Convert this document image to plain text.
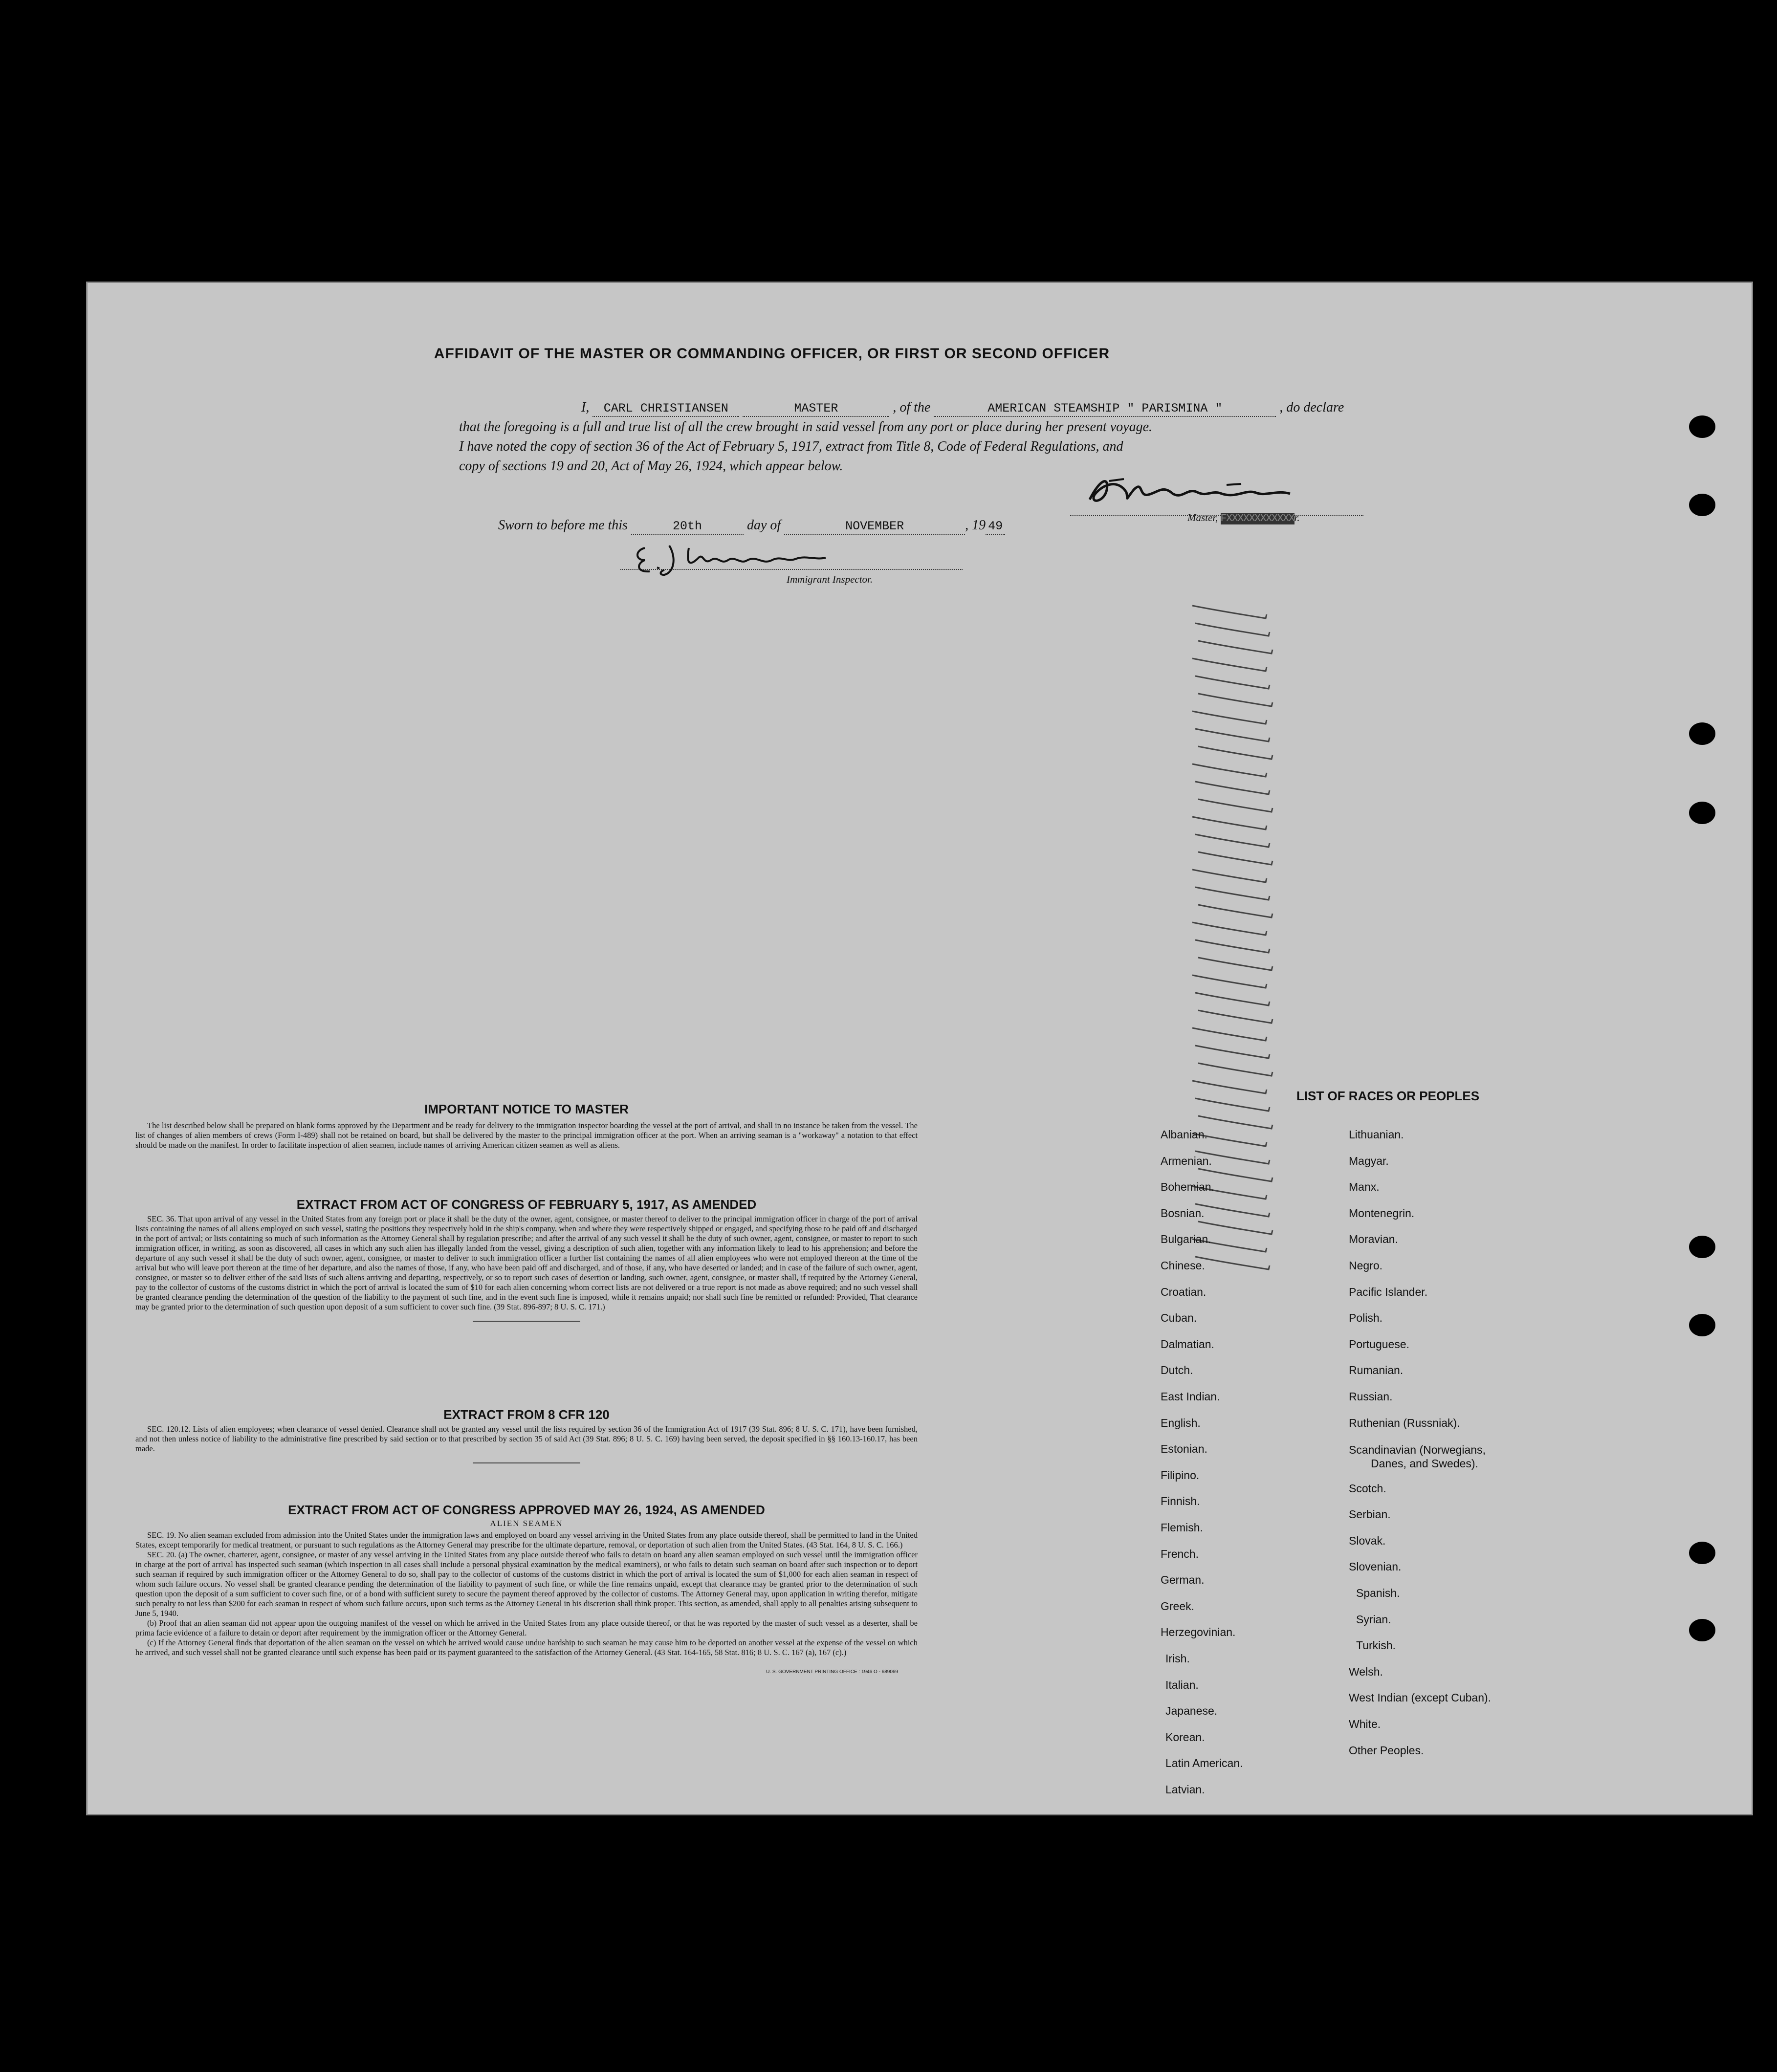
AFFIDAVIT OF THE MASTER OR COMMANDING OFFICER, OR FIRST OR SECOND OFFICER
I, CARL CHRISTIANSEN	MASTER	, of the	AMERICAN STEAMSHIP " PARISMINA "	, do declare
that the foregoing is a full and true list of all the crew brought in said vessel from any port or place during her present voyage.
I have noted the copy of section 36 of the Act of February 5, 1917, extract from Title 8, Code of Federal Regulations, and
copy of sections 19 and 20, Act of May 26, 1924, which appear below.
Master, FXXXXXXXXXXXXr.
Sworn to before me this	20th	day of	NOVEMBER	, 19 49
Immigrant Inspector.
IMPORTANT NOTICE TO MASTER

The list described below shall be prepared on blank forms approved by the Department and be ready for delivery to the immigration inspector boarding the vessel at the port of arrival, and shall in no instance be taken from the vessel. The list of changes of alien members of crews (Form I-489) shall not be retained on board, but shall be delivered by the master to the principal immigration officer at the port. When an arriving seaman is a "workaway" a notation to that effect should be made on the manifest. In order to facilitate inspection of alien seamen, include names of arriving American citizen seamen as well as aliens.

EXTRACT FROM ACT OF CONGRESS OF FEBRUARY 5, 1917, AS AMENDED

SEC. 36. That upon arrival of any vessel in the United States from any foreign port or place it shall be the duty of the owner, agent, consignee, or master thereof to deliver to the principal immigration officer in charge of the port of arrival lists containing the names of all aliens employed on such vessel, stating the positions they respectively hold in the ship's company, when and where they were respectively shipped or engaged, and specifying those to be paid off and discharged in the port of arrival; or lists containing so much of such information as the Attorney General shall by regulation prescribe; and after the arrival of any such vessel it shall be the duty of such owner, agent, consignee, or master to report to such immigration officer, in writing, as soon as discovered, all cases in which any such alien has illegally landed from the vessel, giving a description of such alien, together with any information likely to lead to his apprehension; and before the departure of any such vessel it shall be the duty of such owner, agent, consignee, or master to deliver to such immigration officer a further list containing the names of all alien employees who were not employed thereon at the time of the arrival but who will leave port thereon at the time of her departure, and also the names of those, if any, who have been paid off and discharged, and of those, if any, who have deserted or landed; and in case of the failure of such owner, agent, consignee, or master so to deliver either of the said lists of such aliens arriving and departing, respectively, or so to report such cases of desertion or landing, such owner, agent, consignee, or master shall, if required by the Attorney General, pay to the collector of customs of the customs district in which the port of arrival is located the sum of $10 for each alien concerning whom correct lists are not delivered or a true report is not made as above required; and no such vessel shall be granted clearance pending the determination of the question of the liability to the payment of such fine, and in the event such fine is imposed, while it remains unpaid; nor shall such fine be remitted or refunded: Provided, That clearance may be granted prior to the determination of such question upon deposit of a sum sufficient to cover such fine. (39 Stat. 896-897; 8 U. S. C. 171.)

EXTRACT FROM 8 CFR 120

SEC. 120.12. Lists of alien employees; when clearance of vessel denied. Clearance shall not be granted any vessel until the lists required by section 36 of the Immigration Act of 1917 (39 Stat. 896; 8 U. S. C. 171), have been furnished, and not then unless notice of liability to the administrative fine prescribed by said section or to that prescribed by section 35 of said Act (39 Stat. 896; 8 U. S. C. 169) having been served, the deposit specified in §§ 160.13-160.17, has been made.

EXTRACT FROM ACT OF CONGRESS APPROVED MAY 26, 1924, AS AMENDED
ALIEN SEAMEN

SEC. 19. No alien seaman excluded from admission into the United States under the immigration laws and employed on board any vessel arriving in the United States from any place outside thereof, shall be permitted to land in the United States, except temporarily for medical treatment, or pursuant to such regulations as the Attorney General may prescribe for the ultimate departure, removal, or deportation of such alien from the United States. (43 Stat. 164, 8 U. S. C. 166.)

SEC. 20. (a) The owner, charterer, agent, consignee, or master of any vessel arriving in the United States from any place outside thereof who fails to detain on board any alien seaman employed on such vessel until the immigration officer in charge at the port of arrival has inspected such seaman (which inspection in all cases shall include a personal physical examination by the medical examiners), or who fails to detain such seaman on board after such inspection or to deport such seaman if required by such immigration officer or the Attorney General to do so, shall pay to the collector of customs of the customs district in which the port of arrival is located the sum of $1,000 for each alien seaman in respect of whom such failure occurs. No vessel shall be granted clearance pending the determination of the liability to payment of such fine, or while the fine remains unpaid, except that clearance may be granted prior to the determination of such question upon the deposit of a sum sufficient to cover such fine, or of a bond with sufficient surety to secure the payment thereof approved by the collector of customs. The Attorney General may, upon application in writing therefor, mitigate such penalty to not less than $200 for each seaman in respect of whom such failure occurs, upon such terms as the Attorney General in his discretion shall think proper. This section, as amended, shall apply to all penalties arising subsequent to June 5, 1940.

(b) Proof that an alien seaman did not appear upon the outgoing manifest of the vessel on which he arrived in the United States from any place outside thereof, or that he was reported by the master of such vessel as a deserter, shall be prima facie evidence of a failure to detain or deport after requirement by the immigration officer or the Attorney General.

(c) If the Attorney General finds that deportation of the alien seaman on the vessel on which he arrived would cause undue hardship to such seaman he may cause him to be deported on another vessel at the expense of the vessel on which he arrived, and such vessel shall not be granted clearance until such expense has been paid or its payment guaranteed to the satisfaction of the Attorney General. (43 Stat. 164-165, 58 Stat. 816; 8 U. S. C. 167 (a), 167 (c).)

U. S. GOVERNMENT PRINTING OFFICE : 1946 O - 689069
LIST OF RACES OR PEOPLES
Albanian.
Armenian.
Bohemian.
Bosnian.
Bulgarian.
Chinese.
Croatian.
Cuban.
Dalmatian.
Dutch.
East Indian.
English.
Estonian.
Filipino.
Finnish.
Flemish.
French.
German.
Greek.
Herzegovinian.
Irish.
Italian.
Japanese.
Korean.
Latin American.
Latvian.
Lithuanian.
Magyar.
Manx.
Montenegrin.
Moravian.
Negro.
Pacific Islander.
Polish.
Portuguese.
Rumanian.
Russian.
Ruthenian (Russniak).
Scandinavian (Norwegians,
Danes, and Swedes).
Scotch.
Serbian.
Slovak.
Slovenian.
Spanish.
Syrian.
Turkish.
Welsh.
West Indian (except Cuban).
White.
Other Peoples.
